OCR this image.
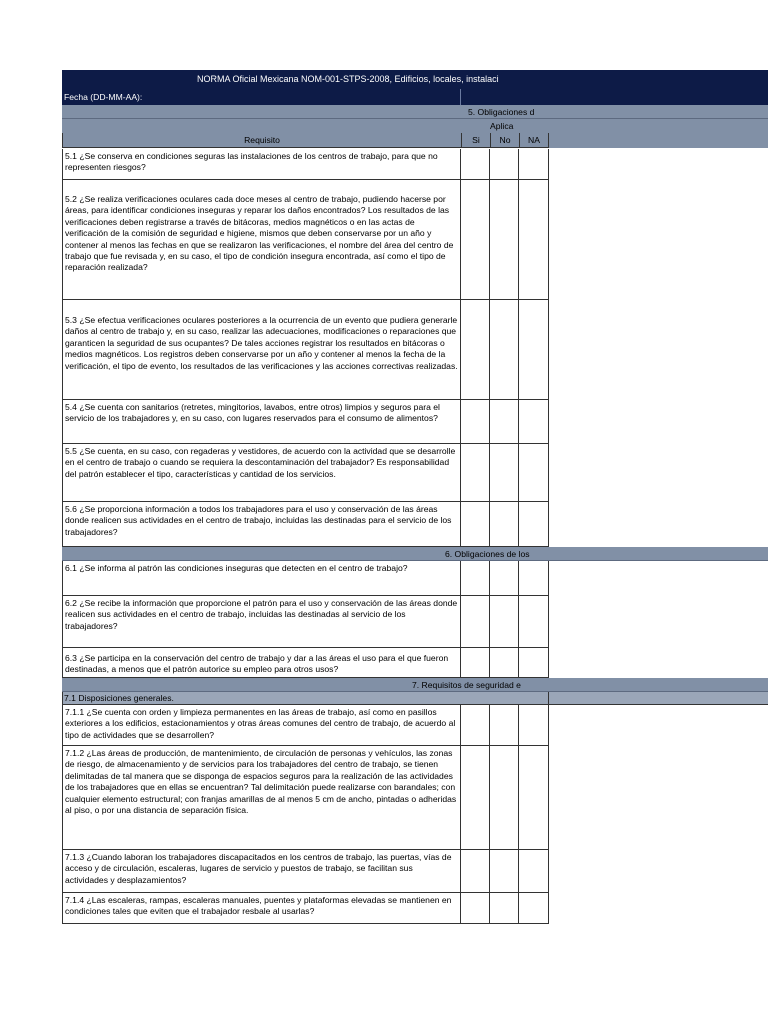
NORMA Oficial Mexicana NOM-001-STPS-2008, Edificios, locales, instalaci
Fecha (DD-MM-AA):
5. Obligaciones d
Aplica
Requisito	Si	No	NA
5.1 ¿Se conserva en condiciones seguras las instalaciones de los centros de trabajo, para que no representen riesgos?
5.2 ¿Se realiza verificaciones oculares cada doce meses al centro de trabajo, pudiendo hacerse por áreas, para identificar condiciones inseguras y reparar los daños encontrados? Los resultados de las verificaciones deben registrarse a través de bitácoras, medios magnéticos o en las actas de verificación de la comisión de seguridad e higiene, mismos que deben conservarse por un año y contener al menos las fechas en que se realizaron las verificaciones, el nombre del área del centro de trabajo que fue revisada y, en su caso, el tipo de condición insegura encontrada, así como el tipo de reparación realizada?
5.3 ¿Se efectua verificaciones oculares posteriores a la ocurrencia de un evento que pudiera generarle daños al centro de trabajo y, en su caso, realizar las adecuaciones, modificaciones o reparaciones que garanticen la seguridad de sus ocupantes? De tales acciones registrar los resultados en bitácoras o medios magnéticos. Los registros deben conservarse por un año y contener al menos la fecha de la verificación, el tipo de evento, los resultados de las verificaciones y las acciones correctivas realizadas.
5.4 ¿Se cuenta con sanitarios (retretes, mingitorios, lavabos, entre otros) limpios y seguros para el servicio de los trabajadores y, en su caso, con lugares reservados para el consumo de alimentos?
5.5 ¿Se cuenta, en su caso, con regaderas y vestidores, de acuerdo con la actividad que se desarrolle en el centro de trabajo o cuando se requiera la descontaminación del trabajador? Es responsabilidad del patrón establecer el tipo, características y cantidad de los servicios.
5.6 ¿Se proporciona información a todos los trabajadores para el uso y conservación de las áreas donde realicen sus actividades en el centro de trabajo, incluidas las destinadas para el servicio de los trabajadores?
6. Obligaciones de los
6.1 ¿Se informa al patrón las condiciones inseguras que detecten en el centro de trabajo?
6.2 ¿Se recibe la información que proporcione el patrón para el uso y conservación de las áreas donde realicen sus actividades en el centro de trabajo, incluidas las destinadas al servicio de los trabajadores?
6.3 ¿Se participa en la conservación del centro de trabajo y dar a las áreas el uso para el que fueron destinadas, a menos que el patrón autorice su empleo para otros usos?
7. Requisitos de seguridad e
7.1 Disposiciones generales.
7.1.1 ¿Se cuenta con orden y limpieza permanentes en las áreas de trabajo, así como en pasillos exteriores a los edificios, estacionamientos y otras áreas comunes del centro de trabajo, de acuerdo al tipo de actividades que se desarrollen?
7.1.2 ¿Las áreas de producción, de mantenimiento, de circulación de personas y vehículos, las zonas de riesgo, de almacenamiento y de servicios para los trabajadores del centro de trabajo, se tienen delimitadas de tal manera que se disponga de espacios seguros para la realización de las actividades de los trabajadores que en ellas se encuentran? Tal delimitación puede realizarse con barandales; con cualquier elemento estructural; con franjas amarillas de al menos 5 cm de ancho, pintadas o adheridas al piso, o por una distancia de separación física.
7.1.3 ¿Cuando laboran los trabajadores discapacitados en los centros de trabajo, las puertas, vías de acceso y de circulación, escaleras, lugares de servicio y puestos de trabajo, se facilitan sus actividades y desplazamientos?
7.1.4 ¿Las escaleras, rampas, escaleras manuales, puentes y plataformas elevadas se mantienen en condiciones tales que eviten que el trabajador resbale al usarlas?
